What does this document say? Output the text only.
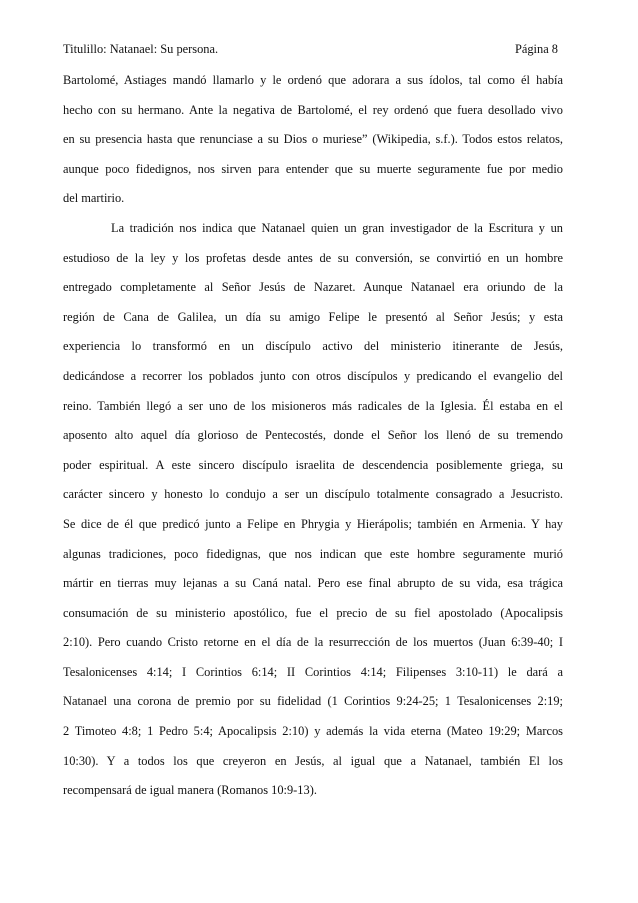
Titulillo: Natanael: Su persona.	Página 8
Bartolomé, Astiages mandó llamarlo y le ordenó que adorara a sus ídolos, tal como él había
hecho con su hermano. Ante la negativa de Bartolomé, el rey ordenó que fuera desollado vivo
en su presencia hasta que renunciase a su Dios o muriese” (Wikipedia, s.f.). Todos estos relatos,
aunque poco fidedignos, nos sirven para entender que su muerte seguramente fue por medio
del martirio.
La tradición nos indica que Natanael quien un gran investigador de la Escritura y un
estudioso de la ley y los profetas desde antes de su conversión, se convirtió en un hombre
entregado completamente al Señor Jesús de Nazaret. Aunque Natanael era oriundo de la
región de Cana de Galilea, un día su amigo Felipe le presentó al Señor Jesús; y esta
experiencia lo transformó en un discípulo activo del ministerio itinerante de Jesús,
dedicándose a recorrer los poblados junto con otros discípulos y predicando el evangelio del
reino. También llegó a ser uno de los misioneros más radicales de la Iglesia. Él estaba en el
aposento alto aquel día glorioso de Pentecostés, donde el Señor los llenó de su tremendo
poder espiritual. A este sincero discípulo israelita de descendencia posiblemente griega, su
carácter sincero y honesto lo condujo a ser un discípulo totalmente consagrado a Jesucristo.
Se dice de él que predicó junto a Felipe en Phrygia y Hierápolis; también en Armenia. Y hay
algunas tradiciones, poco fidedignas, que nos indican que este hombre seguramente murió
mártir en tierras muy lejanas a su Caná natal. Pero ese final abrupto de su vida, esa trágica
consumación de su ministerio apostólico, fue el precio de su fiel apostolado (Apocalipsis
2:10). Pero cuando Cristo retorne en el día de la resurrección de los muertos (Juan 6:39-40; I
Tesalonicenses 4:14; I Corintios 6:14; II Corintios 4:14; Filipenses 3:10-11) le dará a
Natanael una corona de premio por su fidelidad (1 Corintios 9:24-25; 1 Tesalonicenses 2:19;
2 Timoteo 4:8; 1 Pedro 5:4; Apocalipsis 2:10) y además la vida eterna (Mateo 19:29; Marcos
10:30). Y a todos los que creyeron en Jesús, al igual que a Natanael, también El los
recompensará de igual manera (Romanos 10:9-13).
